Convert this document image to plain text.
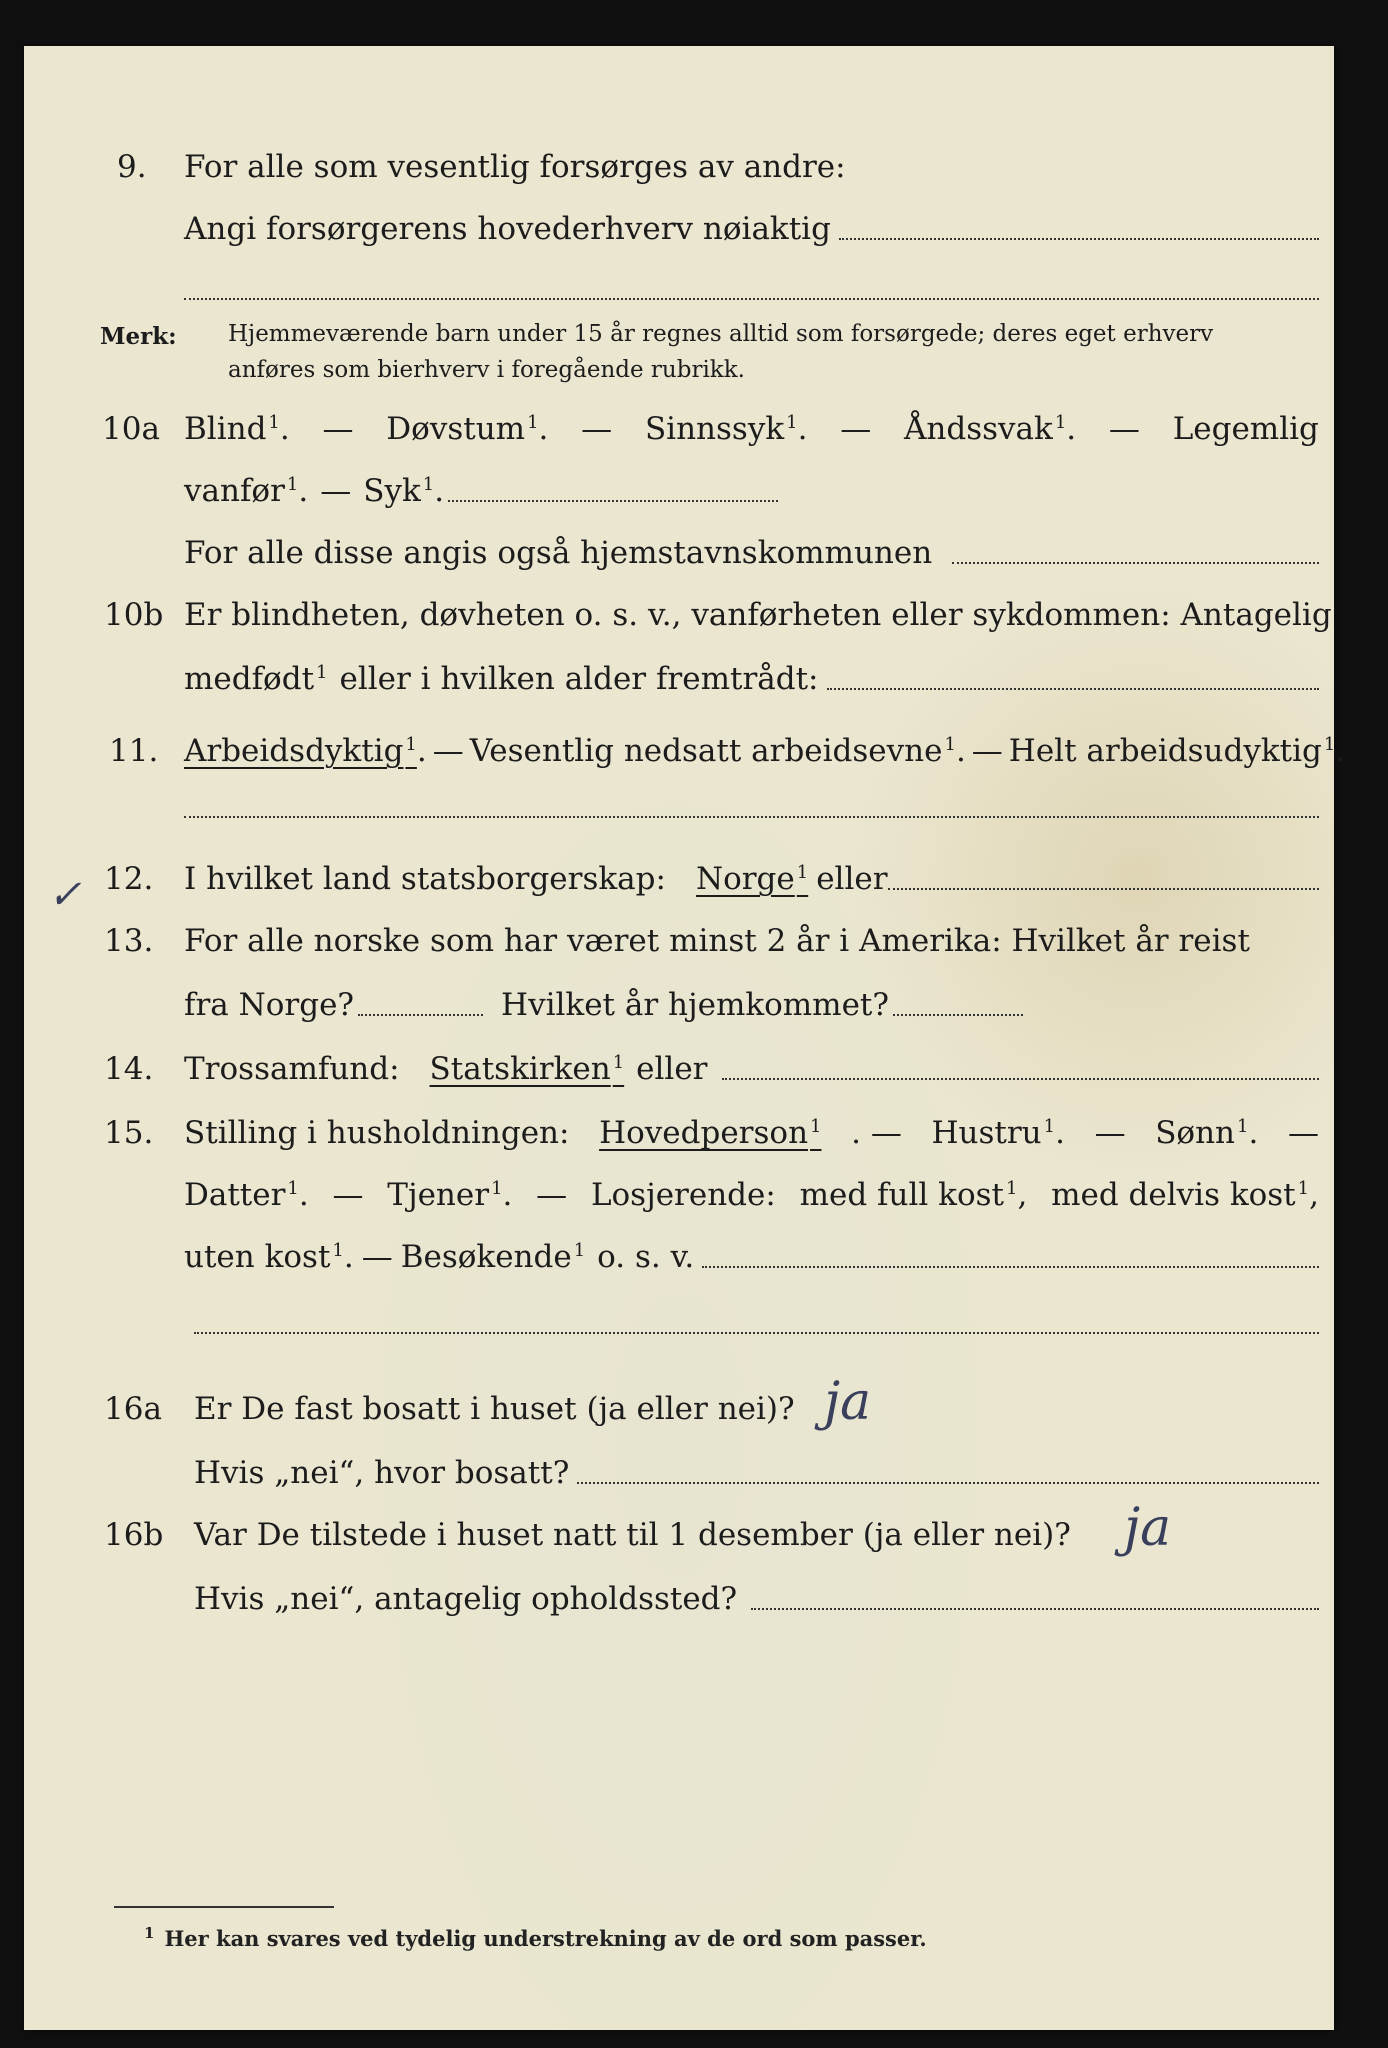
9. For alle som vesentlig forsørges av andre:
Angi forsørgerens hovederhverv nøiaktig
Merk: Hjemmeværende barn under 15 år regnes alltid som forsørgede; deres eget erhverv
anføres som bierhverv i foregående rubrikk.
10a Blind $^1$. — Døvstum $^1$. — Sinnssyk $^1$. — Åndssvak $^1$. — Legemlig
vanfør $^1$. — Syk $^1$.
For alle disse angis også hjemstavnskommunen
10b Er blindheten, døvheten o. s. v., vanførheten eller sykdommen: Antagelig
medfødt $^1$ eller i hvilken alder fremtrådt:
11. Arbeidsdyktig $^1$ . — Vesentlig nedsatt arbeidsevne $^1$. — Helt arbeidsudyktig $^1$.
✓ 12. I hvilket land statsborgerskap: Norge $^1$ eller
13. For alle norske som har været minst 2 år i Amerika: Hvilket år reist
fra Norge?	Hvilket år hjemkommet?
14. Trossamfund: Statskirken $^1$ eller
15. Stilling i husholdningen: Hovedperson $^1$ . — Hustru $^1$. — Sønn $^1$. —
Datter $^1$. — Tjener $^1$. — Losjerende: med full kost $^1$, med delvis kost $^1$,
uten kost $^1$. — Besøkende $^1$ o. s. v.
16a Er De fast bosatt i huset (ja eller nei)? ja
Hvis „nei“, hvor bosatt?
16b Var De tilstede i huset natt til 1 desember (ja eller nei)? ja
Hvis „nei“, antagelig opholdssted?
$^1$ Her kan svares ved tydelig understrekning av de ord som passer.
